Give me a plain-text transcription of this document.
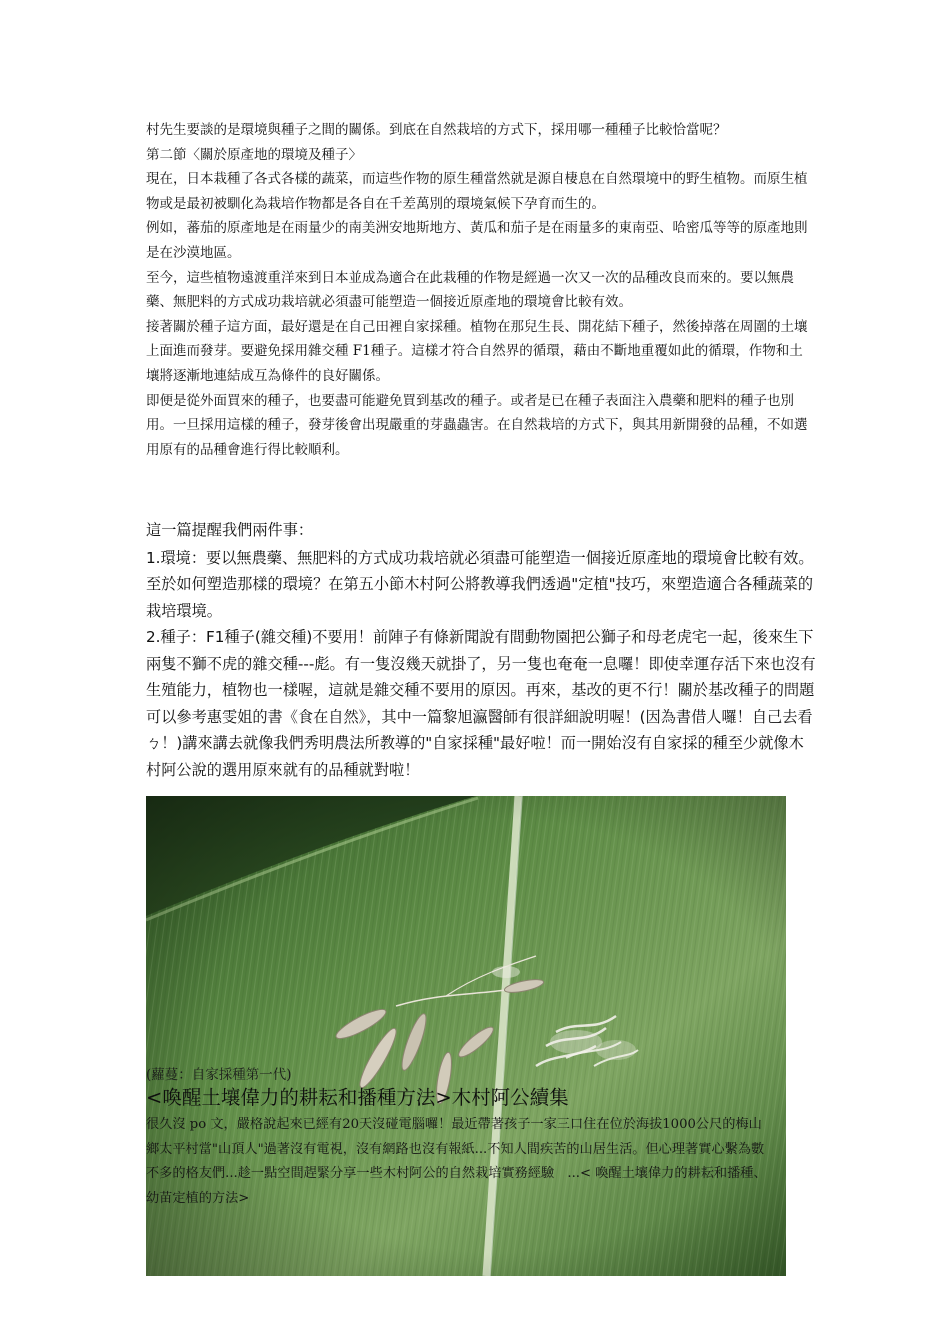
村先生要談的是環境與種子之間的關係。到底在自然栽培的方式下，採用哪一種種子比較恰當呢？

第二節〈關於原產地的環境及種子〉

現在，日本栽種了各式各樣的蔬菜，而這些作物的原生種當然就是源自棲息在自然環境中的野生植物。而原生植物或是最初被馴化為栽培作物都是各自在千差萬別的環境氣候下孕育而生的。

例如，蕃茄的原產地是在雨量少的南美洲安地斯地方、黃瓜和茄子是在雨量多的東南亞、哈密瓜等等的原產地則是在沙漠地區。

至今，這些植物遠渡重洋來到日本並成為適合在此栽種的作物是經過一次又一次的品種改良而來的。要以無農藥、無肥料的方式成功栽培就必須盡可能塑造一個接近原產地的環境會比較有效。

接著關於種子這方面，最好還是在自己田裡自家採種。植物在那兒生長、開花結下種子，然後掉落在周圍的土壤上面進而發芽。要避免採用雜交種 F1種子。這樣才符合自然界的循環，藉由不斷地重覆如此的循環，作物和土壤將逐漸地連結成互為條件的良好關係。

即便是從外面買來的種子，也要盡可能避免買到基改的種子。或者是已在種子表面注入農藥和肥料的種子也別用。一旦採用這樣的種子，發芽後會出現嚴重的芽蟲蟲害。在自然栽培的方式下，與其用新開發的品種，不如選用原有的品種會進行得比較順利。

這一篇提醒我們兩件事：

1.環境：要以無農藥、無肥料的方式成功栽培就必須盡可能塑造一個接近原產地的環境會比較有效。至於如何塑造那樣的環境？在第五小節木村阿公將教導我們透過"定植"技巧，來塑造適合各種蔬菜的栽培環境。

2.種子：F1種子(雜交種)不要用！前陣子有條新聞說有間動物園把公獅子和母老虎宅一起，後來生下兩隻不獅不虎的雜交種---彪。有一隻沒幾天就掛了，另一隻也奄奄一息囉！即使幸運存活下來也沒有生殖能力，植物也一樣喔，這就是雜交種不要用的原因。再來，基改的更不行！關於基改種子的問題可以參考惠雯姐的書《食在自然》，其中一篇黎旭瀛醫師有很詳細說明喔！(因為書借人囉！自己去看ㄅ！)講來講去就像我們秀明農法所教導的"自家採種"最好啦！而一開始沒有自家採的種至少就像木村阿公說的選用原來就有的品種就對啦！

(蘿蔓：自家採種第一代)
<喚醒土壤偉力的耕耘和播種方法>木村阿公續集

很久沒 po 文，嚴格說起來已經有20天沒碰電腦囉！最近帶著孩子一家三口住在位於海拔1000公尺的梅山

鄉太平村當"山頂人"過著沒有電視，沒有網路也沒有報紙...不知人間疾苦的山居生活。但心理著實心繫為數

不多的格友們...趁一點空間趕緊分享一些木村阿公的自然栽培實務經驗　...< 喚醒土壤偉力的耕耘和播種、

幼苗定植的方法>
